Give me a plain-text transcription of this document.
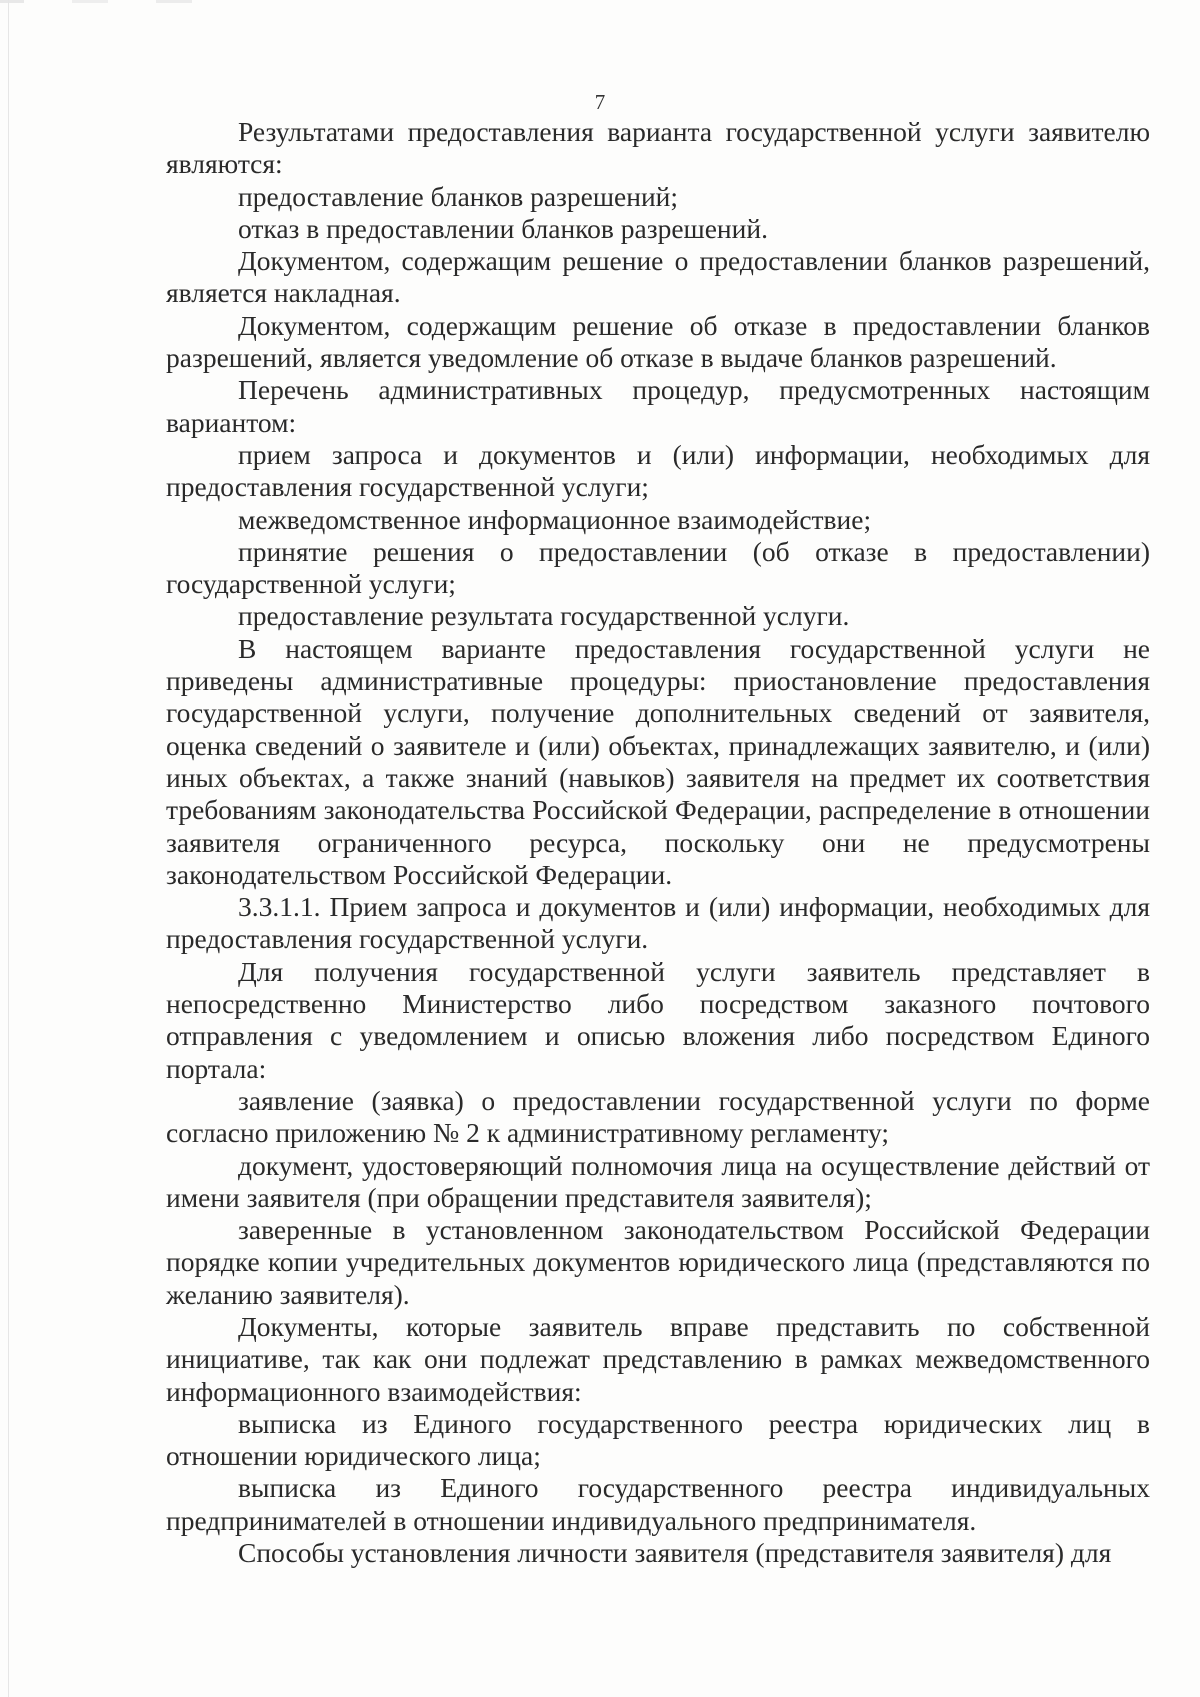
7

Результатами предоставления варианта государственной услуги заявителю являются:

предоставление бланков разрешений;

отказ в предоставлении бланков разрешений.

Документом, содержащим решение о предоставлении бланков разрешений, является накладная.

Документом, содержащим решение об отказе в предоставлении бланков разрешений, является уведомление об отказе в выдаче бланков разрешений.

Перечень административных процедур, предусмотренных настоящим вариантом:

прием запроса и документов и (или) информации, необходимых для предоставления государственной услуги;

межведомственное информационное взаимодействие;

принятие решения о предоставлении (об отказе в предоставлении) государственной услуги;

предоставление результата государственной услуги.

В настоящем варианте предоставления государственной услуги не приведены административные процедуры: приостановление предоставления государственной услуги, получение дополнительных сведений от заявителя, оценка сведений о заявителе и (или) объектах, принадлежащих заявителю, и (или) иных объектах, а также знаний (навыков) заявителя на предмет их соответствия требованиям законодательства Российской Федерации, распределение в отношении заявителя ограниченного ресурса, поскольку они не предусмотрены законодательством Российской Федерации.

3.3.1.1. Прием запроса и документов и (или) информации, необходимых для предоставления государственной услуги.

Для получения государственной услуги заявитель представляет в непосредственно Министерство либо посредством заказного почтового отправления с уведомлением и описью вложения либо посредством Единого портала:

заявление (заявка) о предоставлении государственной услуги по форме согласно приложению № 2 к административному регламенту;

документ, удостоверяющий полномочия лица на осуществление действий от имени заявителя (при обращении представителя заявителя);

заверенные в установленном законодательством Российской Федерации порядке копии учредительных документов юридического лица (представляются по желанию заявителя).

Документы, которые заявитель вправе представить по собственной инициативе, так как они подлежат представлению в рамках межведомственного информационного взаимодействия:

выписка из Единого государственного реестра юридических лиц в отношении юридического лица;

выписка из Единого государственного реестра индивидуальных предпринимателей в отношении индивидуального предпринимателя.

Способы установления личности заявителя (представителя заявителя) для
